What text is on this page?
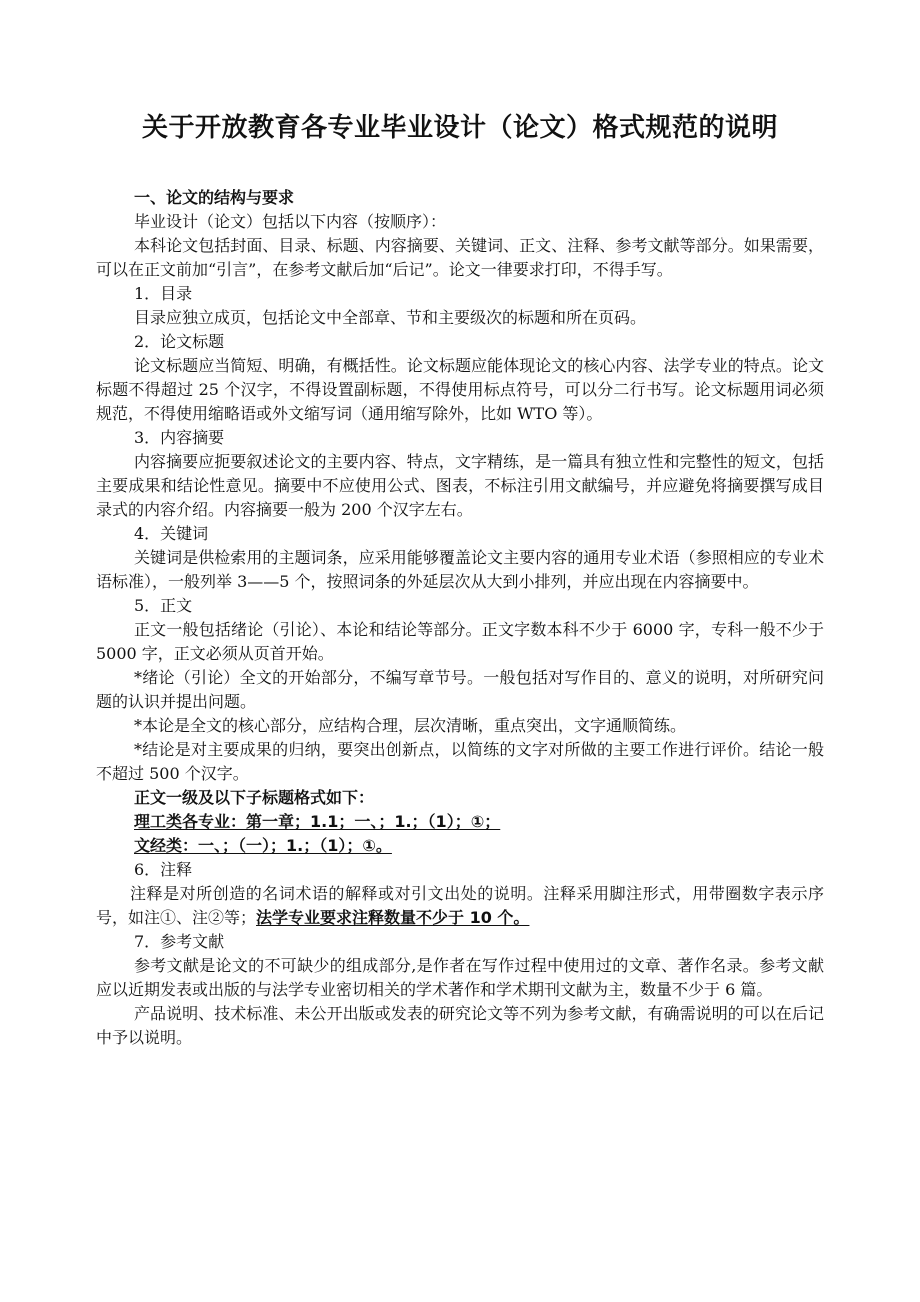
关于开放教育各专业毕业设计（论文）格式规范的说明

一、论文的结构与要求

毕业设计（论文）包括以下内容（按顺序）：

本科论文包括封面、目录、标题、内容摘要、关键词、正文、注释、参考文献等部分。如果需要，可以在正文前加“引言”，在参考文献后加“后记”。论文一律要求打印，不得手写。

1．目录

目录应独立成页，包括论文中全部章、节和主要级次的标题和所在页码。

2．论文标题

论文标题应当简短、明确，有概括性。论文标题应能体现论文的核心内容、法学专业的特点。论文标题不得超过 25 个汉字，不得设置副标题，不得使用标点符号，可以分二行书写。论文标题用词必须规范，不得使用缩略语或外文缩写词（通用缩写除外，比如 WTO 等）。

3．内容摘要

内容摘要应扼要叙述论文的主要内容、特点，文字精练，是一篇具有独立性和完整性的短文，包括主要成果和结论性意见。摘要中不应使用公式、图表，不标注引用文献编号，并应避免将摘要撰写成目录式的内容介绍。内容摘要一般为 200 个汉字左右。

4．关键词

关键词是供检索用的主题词条，应采用能够覆盖论文主要内容的通用专业术语（参照相应的专业术语标准），一般列举 3——5 个，按照词条的外延层次从大到小排列，并应出现在内容摘要中。

5．正文

正文一般包括绪论（引论）、本论和结论等部分。正文字数本科不少于 6000 字，专科一般不少于 5000 字，正文必须从页首开始。

*绪论（引论）全文的开始部分，不编写章节号。一般包括对写作目的、意义的说明，对所研究问题的认识并提出问题。

*本论是全文的核心部分，应结构合理，层次清晰，重点突出，文字通顺简练。

*结论是对主要成果的归纳，要突出创新点，以简练的文字对所做的主要工作进行评价。结论一般不超过 500 个汉字。

正文一级及以下子标题格式如下：

理工类各专业：第一章；1.1；一、；1.；（1）；①；

文经类：一、；（一）；1.；（1）；①。

6．注释

注释是对所创造的名词术语的解释或对引文出处的说明。注释采用脚注形式，用带圈数字表示序号，如注①、注②等；法学专业要求注释数量不少于 10 个。

7．参考文献

参考文献是论文的不可缺少的组成部分,是作者在写作过程中使用过的文章、著作名录。参考文献应以近期发表或出版的与法学专业密切相关的学术著作和学术期刊文献为主，数量不少于 6 篇。

产品说明、技术标准、未公开出版或发表的研究论文等不列为参考文献，有确需说明的可以在后记中予以说明。
